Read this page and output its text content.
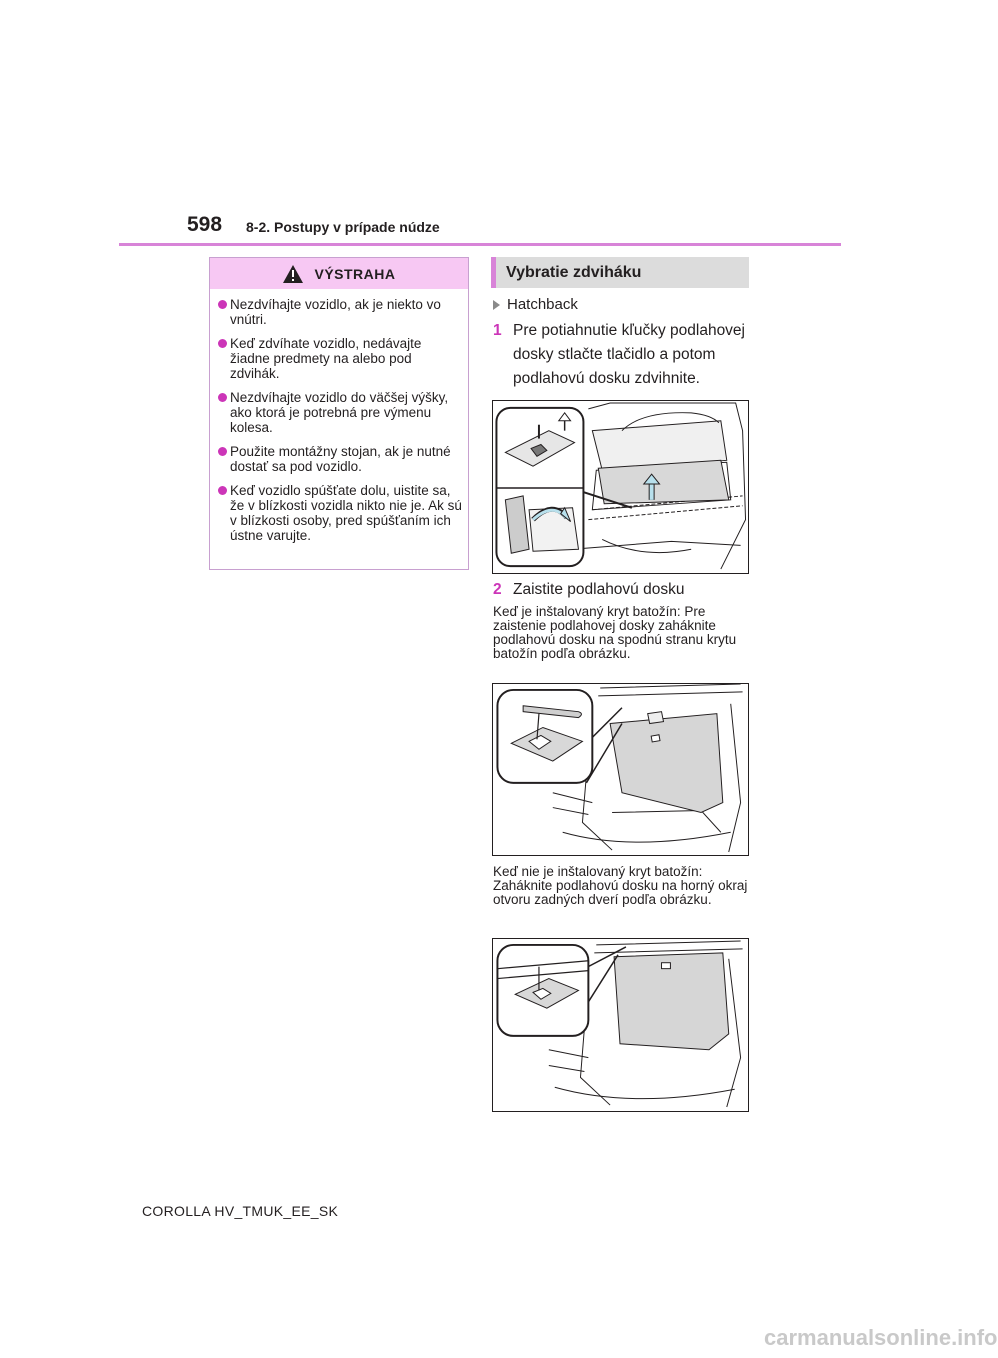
598 8-2. Postupy v prípade núdze
VÝSTRAHA
Nezdvíhajte vozidlo, ak je niekto vo vnútri.
Keď zdvíhate vozidlo, nedávajte žiadne predmety na alebo pod zdvihák.
Nezdvíhajte vozidlo do väčšej výšky, ako ktorá je potrebná pre výmenu kolesa.
Použite montážny stojan, ak je nutné dostať sa pod vozidlo.
Keď vozidlo spúšťate dolu, uistite sa, že v blízkosti vozidla nikto nie je. Ak sú v blízkosti osoby, pred spúšťaním ich ústne varujte.
Vybratie zdviháku
Hatchback
1 Pre potiahnutie kľučky podlahovej dosky stlačte tlačidlo a potom podlahovú dosku zdvihnite.
2 Zaistite podlahovú dosku
Keď je inštalovaný kryt batožín: Pre zaistenie podlahovej dosky zaháknite podlahovú dosku na spodnú stranu krytu batožín podľa obrázku.
Keď nie je inštalovaný kryt batožín: Zaháknite podlahovú dosku na horný okraj otvoru zadných dverí podľa obrázku.
COROLLA HV_TMUK_EE_SK
carmanualsonline.info
